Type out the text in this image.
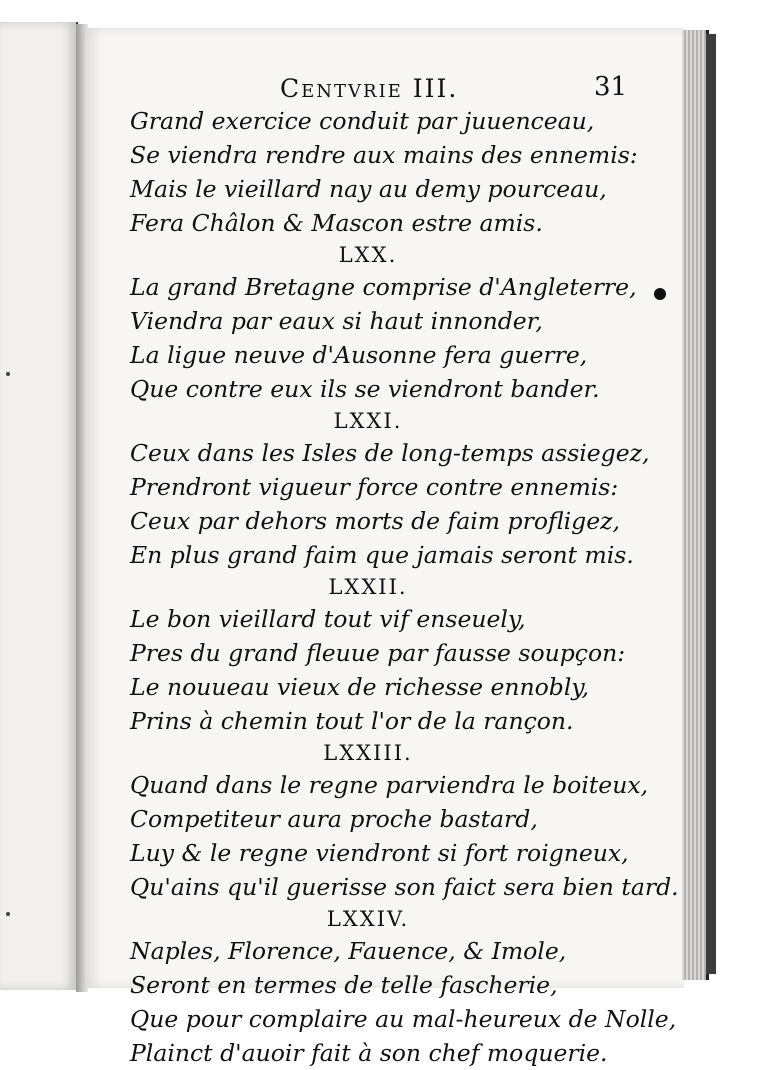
Centvrie III.	31
Grand exercice conduit par juuenceau,
Se viendra rendre aux mains des ennemis:
Mais le vieillard nay au demy pourceau,
Fera Châlon & Mascon estre amis.
LXX.
La grand Bretagne comprise d'Angleterre,
Viendra par eaux si haut innonder,
La ligue neuve d'Ausonne fera guerre,
Que contre eux ils se viendront bander.
LXXI.
Ceux dans les Isles de long-temps assiegez,
Prendront vigueur force contre ennemis:
Ceux par dehors morts de faim profligez,
En plus grand faim que jamais seront mis.
LXXII.
Le bon vieillard tout vif enseuely,
Pres du grand fleuue par fausse soupçon:
Le nouueau vieux de richesse ennobly,
Prins à chemin tout l'or de la rançon.
LXXIII.
Quand dans le regne parviendra le boiteux,
Competiteur aura proche bastard,
Luy & le regne viendront si fort roigneux,
Qu'ains qu'il guerisse son faict sera bien tard.
LXXIV.
Naples, Florence, Fauence, & Imole,
Seront en termes de telle fascherie,
Que pour complaire au mal-heureux de Nolle,
Plainct d'auoir fait à son chef moquerie.
